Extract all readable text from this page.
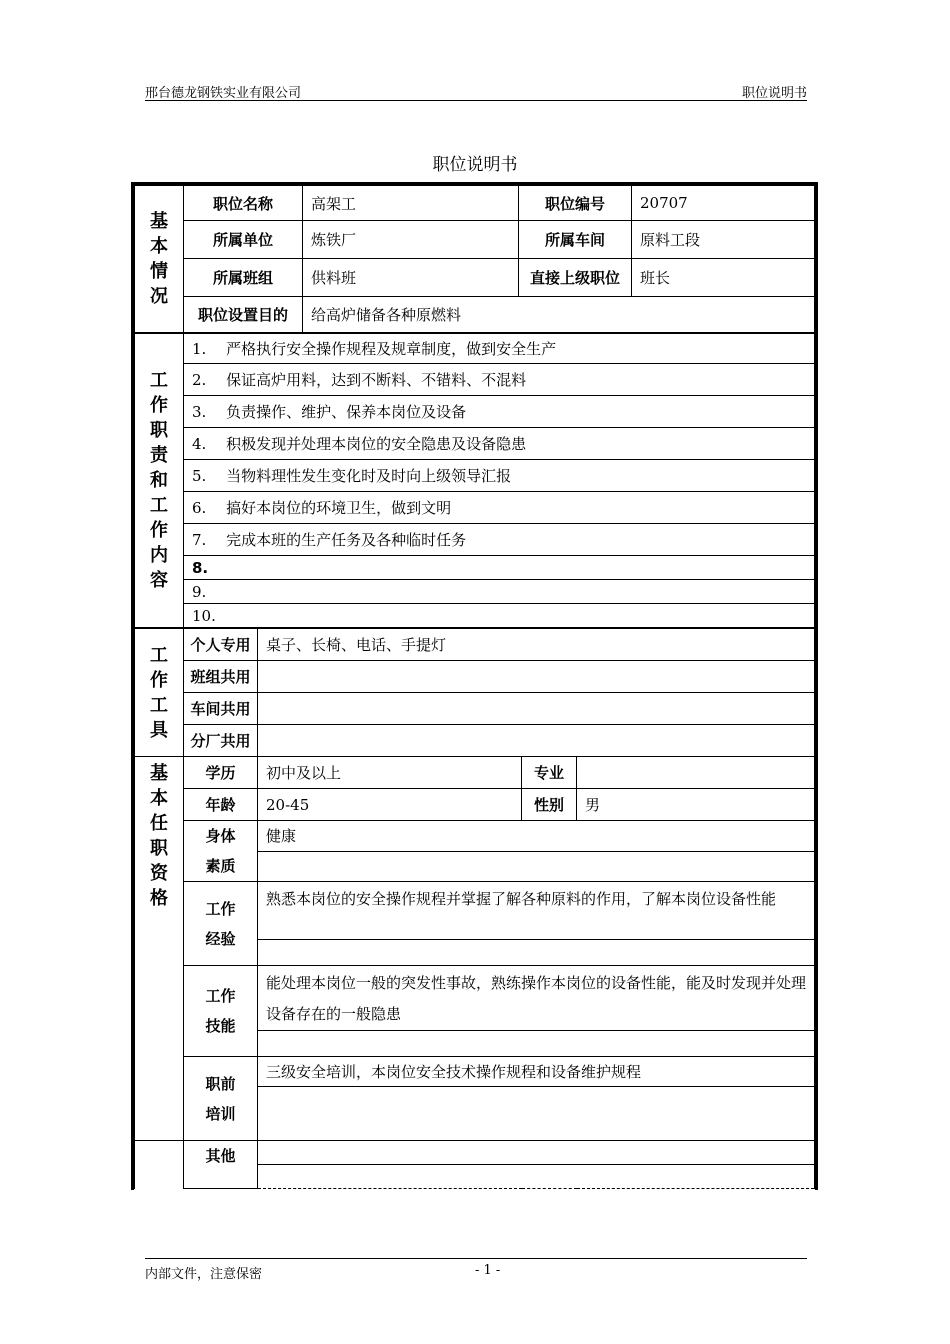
邢台德龙钢铁实业有限公司	职位说明书
职位说明书
基本情况	职位名称	高架工	职位编号	20707
	所属单位	炼铁厂	所属车间	原料工段
	所属班组	供料班	直接上级职位	班长
	职位设置目的	给高炉储备各种原燃料		
工作职责和工作内容	1.　 严格执行安全操作规程及规章制度，做到安全生产
2.　 保证高炉用料，达到不断料、不错料、不混料
3.　 负责操作、维护、保养本岗位及设备
4.　 积极发现并处理本岗位的安全隐患及设备隐患
5.　 当物料理性发生变化时及时向上级领导汇报
6.　 搞好本岗位的环境卫生，做到文明
7.　 完成本班的生产任务及各种临时任务
8.
9.
10.
工作工具	个人专用	桌子、长椅、电话、手提灯
	班组共用	
	车间共用	
	分厂共用	
基本任职资格	学历	初中及以上	专业	
	年龄	20-45	性别	男
	身体素质	健康		

	工作经验	熟悉本岗位的安全操作规程并掌握了解各种原料的作用，了解本岗位设备性能		

	工作技能	能处理本岗位一般的突发性事故，熟练操作本岗位的设备性能，能及时发现并处理设备存在的一般隐患		

	职前培训	三级安全培训，本岗位安全技术操作规程和设备维护规程		

	其他			

内部文件，注意保密	- 1 -
